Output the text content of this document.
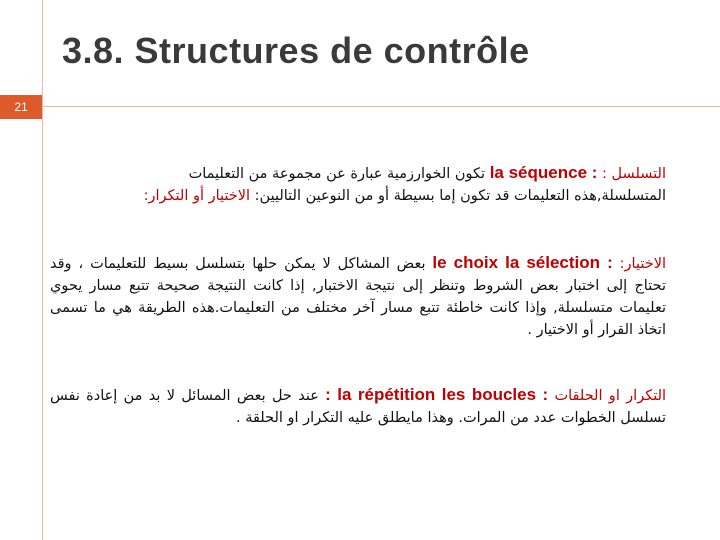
3.8. Structures de contrôle
21
التسلسل : la séquence : تكون الخوارزمية عبارة عن مجموعة من التعليمات
المتسلسلة,هذه التعليمات قد تكون إما بسيطة أو من النوعين التاليين: الاختيار أو التكرار:
الاختيار: le choix la sélection : بعض المشاكل لا يمكن حلها بتسلسل بسيط للتعليمات ، وقد تحتاج إلى اختبار بعض الشروط وتنظر إلى نتيجة الاختبار, إذا كانت النتيجة صحيحة تتبع مسار يحوي تعليمات متسلسلة, وإذا كانت خاطئة تتبع مسار آخر مختلف من التعليمات.هذه الطريقة هي ما تسمى اتخاذ القرار أو الاختيار .
التكرار او الحلقات : la répétition les boucles : عند حل بعض المسائل لا بد من إعادة نفس تسلسل الخطوات عدد من المرات. وهذا مايطلق عليه التكرار او الحلقة .
